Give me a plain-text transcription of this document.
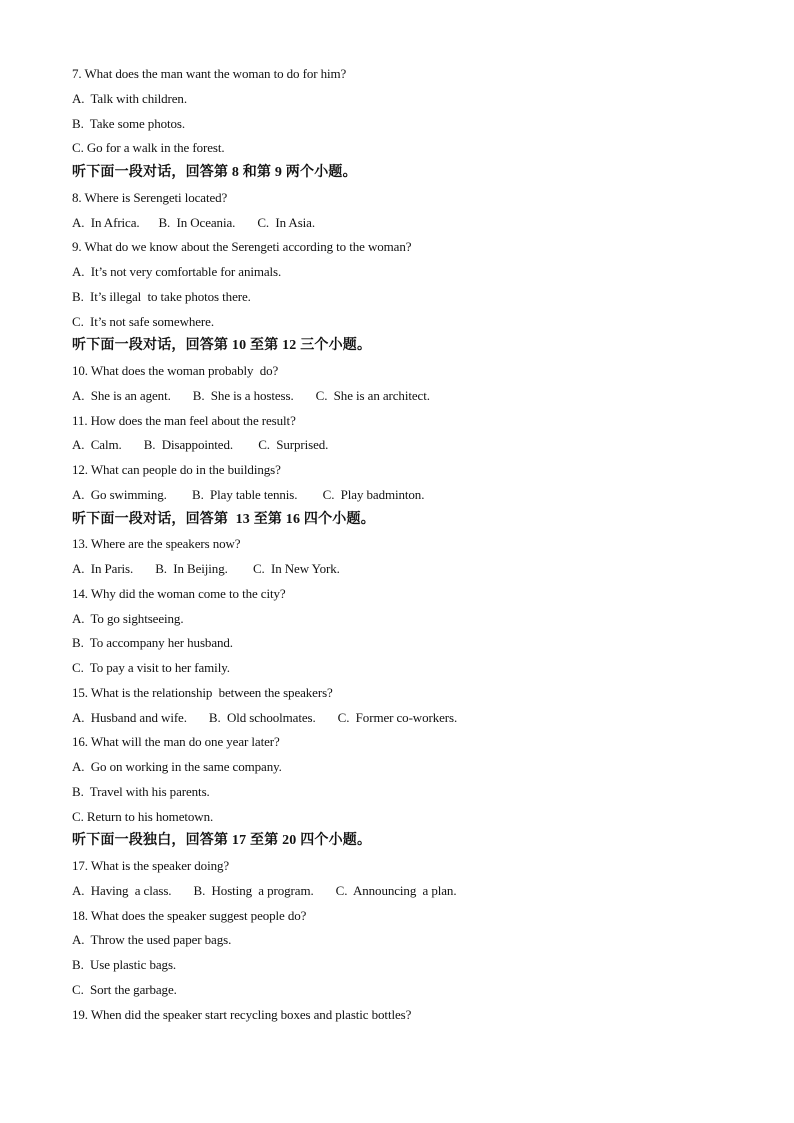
7. What does the man want the woman to do for him?
A.  Talk with children.
B.  Take some photos.
C. Go for a walk in the forest.
听下面一段对话，回答第 8 和第 9 两个小题。
8. Where is Serengeti located?
A.  In Africa.      B.  In Oceania.       C.  In Asia.
9. What do we know about the Serengeti according to the woman?
A.  It’s not very comfortable for animals.
B.  It’s illegal  to take photos there.
C.  It’s not safe somewhere.
听下面一段对话，回答第 10 至第 12 三个小题。
10. What does the woman probably  do?
A.  She is an agent.       B.  She is a hostess.       C.  She is an architect.
11. How does the man feel about the result?
A.  Calm.       B.  Disappointed.        C.  Surprised.
12. What can people do in the buildings?
A.  Go swimming.        B.  Play table tennis.        C.  Play badminton.
听下面一段对话，回答第  13 至第 16 四个小题。
13. Where are the speakers now?
A.  In Paris.       B.  In Beijing.        C.  In New York.
14. Why did the woman come to the city?
A.  To go sightseeing.
B.  To accompany her husband.
C.  To pay a visit to her family.
15. What is the relationship  between the speakers?
A.  Husband and wife.       B.  Old schoolmates.       C.  Former co-workers.
16. What will the man do one year later?
A.  Go on working in the same company.
B.  Travel with his parents.
C. Return to his hometown.
听下面一段独白，回答第 17 至第 20 四个小题。
17. What is the speaker doing?
A.  Having  a class.       B.  Hosting  a program.       C.  Announcing  a plan.
18. What does the speaker suggest people do?
A.  Throw the used paper bags.
B.  Use plastic bags.
C.  Sort the garbage.
19. When did the speaker start recycling boxes and plastic bottles?
